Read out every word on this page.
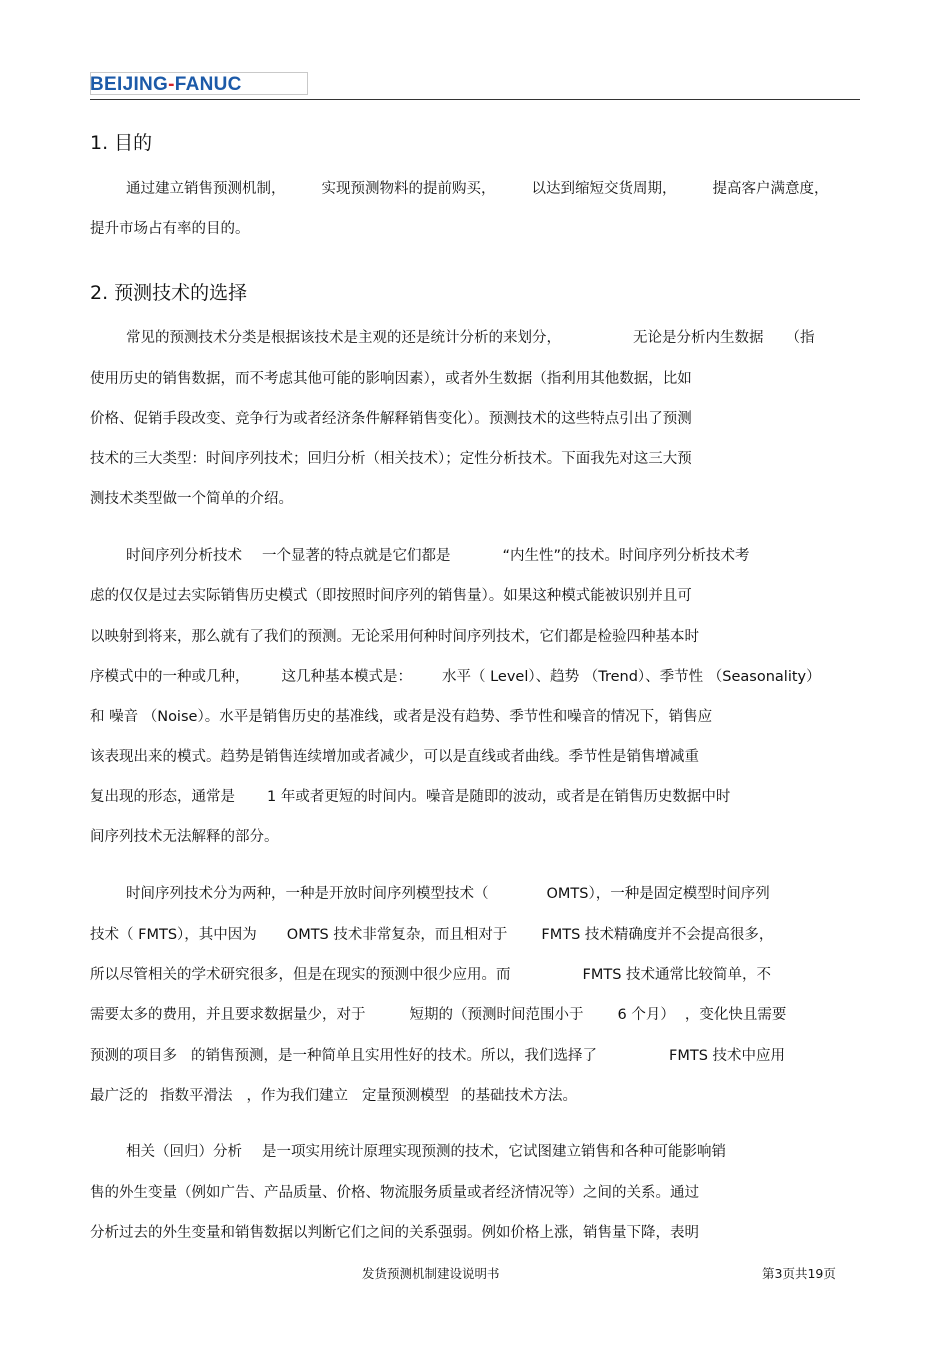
BEIJING-FANUC
1. 目的
通过建立销售预测机制， 实现预测物料的提前购买， 以达到缩短交货周期， 提高客户满意度，
提升市场占有率的目的。
2. 预测技术的选择
常见的预测技术分类是根据该技术是主观的还是统计分析的来划分，	无论是分析内生数据 （指
使用历史的销售数据，而不考虑其他可能的影响因素），或者外生数据（指利用其他数据，比如
价格、促销手段改变、竞争行为或者经济条件解释销售变化）。预测技术的这些特点引出了预测
技术的三大类型：时间序列技术；回归分析（相关技术）；定性分析技术。下面我先对这三大预
测技术类型做一个简单的介绍。
时间序列分析技术 一个显著的特点就是它们都是	“内生性”的技术。时间序列分析技术考
虑的仅仅是过去实际销售历史模式（即按照时间序列的销售量）。如果这种模式能被识别并且可
以映射到将来，那么就有了我们的预测。无论采用何种时间序列技术，它们都是检验四种基本时
序模式中的一种或几种， 这几种基本模式是： 水平（ Level）、趋势 （Trend）、季节性 （Seasonality）
和 噪音 （Noise）。水平是销售历史的基准线，或者是没有趋势、季节性和噪音的情况下，销售应
该表现出来的模式。趋势是销售连续增加或者减少，可以是直线或者曲线。季节性是销售增减重
复出现的形态，通常是 1 年或者更短的时间内。噪音是随即的波动，或者是在销售历史数据中时
间序列技术无法解释的部分。
时间序列技术分为两种，一种是开放时间序列模型技术（	OMTS），一种是固定模型时间序列
技术（ FMTS），其中因为 OMTS 技术非常复杂，而且相对于 FMTS 技术精确度并不会提高很多，
所以尽管相关的学术研究很多，但是在现实的预测中很少应用。而	FMTS 技术通常比较简单，不
需要太多的费用，并且要求数据量少，对于	短期的（预测时间范围小于 6 个月） ，变化快且需要
预测的项目多 的销售预测，是一种简单且实用性好的技术。所以，我们选择了	FMTS 技术中应用
最广泛的 指数平滑法 ，作为我们建立 定量预测模型 的基础技术方法。
相关（回归）分析 是一项实用统计原理实现预测的技术，它试图建立销售和各种可能影响销
售的外生变量（例如广告、产品质量、价格、物流服务质量或者经济情况等）之间的关系。通过
分析过去的外生变量和销售数据以判断它们之间的关系强弱。例如价格上涨，销售量下降，表明
发货预测机制建设说明书	第3页共19页
